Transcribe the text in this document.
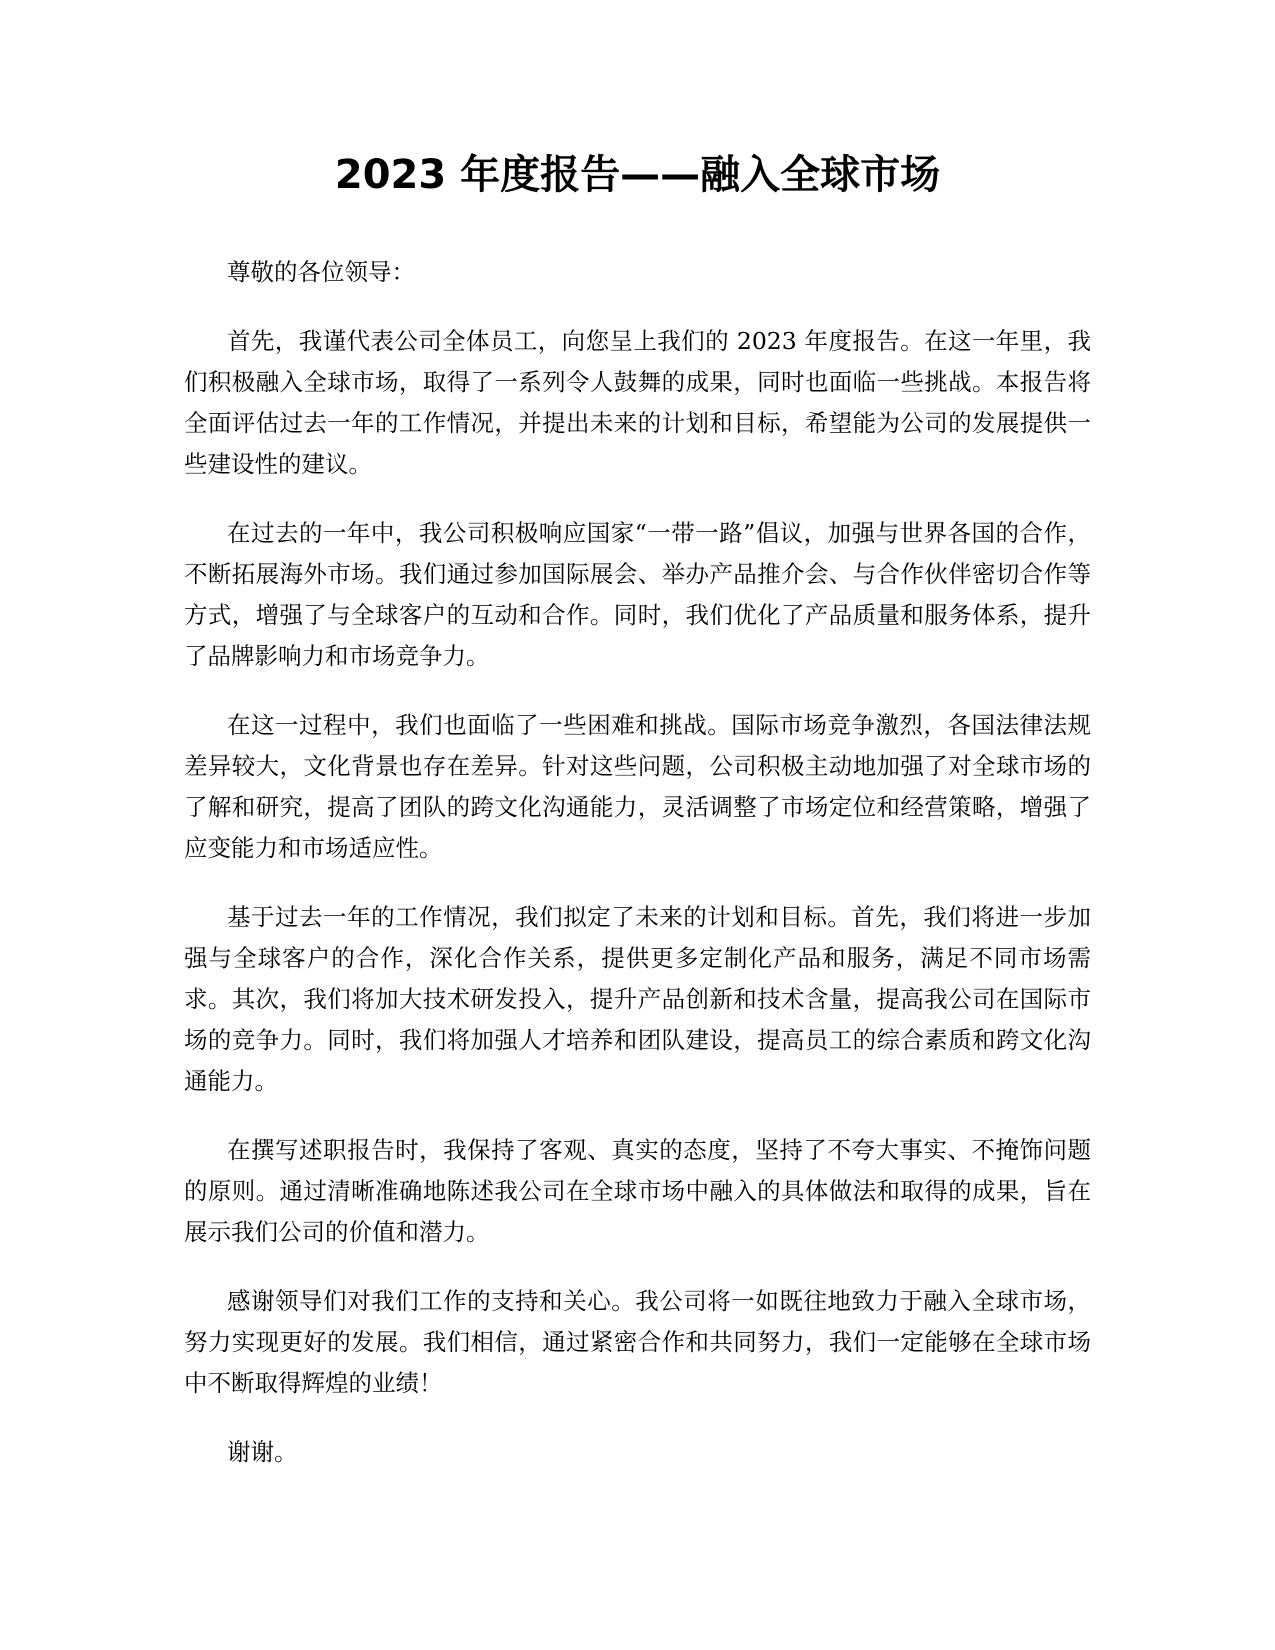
2023 年度报告——融入全球市场

尊敬的各位领导：

首先，我谨代表公司全体员工，向您呈上我们的 2023 年度报告。在这一年里，我们积极融入全球市场，取得了一系列令人鼓舞的成果，同时也面临一些挑战。本报告将全面评估过去一年的工作情况，并提出未来的计划和目标，希望能为公司的发展提供一些建设性的建议。

在过去的一年中，我公司积极响应国家“一带一路”倡议，加强与世界各国的合作，不断拓展海外市场。我们通过参加国际展会、举办产品推介会、与合作伙伴密切合作等方式，增强了与全球客户的互动和合作。同时，我们优化了产品质量和服务体系，提升了品牌影响力和市场竞争力。

在这一过程中，我们也面临了一些困难和挑战。国际市场竞争激烈，各国法律法规差异较大，文化背景也存在差异。针对这些问题，公司积极主动地加强了对全球市场的了解和研究，提高了团队的跨文化沟通能力，灵活调整了市场定位和经营策略，增强了应变能力和市场适应性。

基于过去一年的工作情况，我们拟定了未来的计划和目标。首先，我们将进一步加强与全球客户的合作，深化合作关系，提供更多定制化产品和服务，满足不同市场需求。其次，我们将加大技术研发投入，提升产品创新和技术含量，提高我公司在国际市场的竞争力。同时，我们将加强人才培养和团队建设，提高员工的综合素质和跨文化沟通能力。

在撰写述职报告时，我保持了客观、真实的态度，坚持了不夸大事实、不掩饰问题的原则。通过清晰准确地陈述我公司在全球市场中融入的具体做法和取得的成果，旨在展示我们公司的价值和潜力。

感谢领导们对我们工作的支持和关心。我公司将一如既往地致力于融入全球市场，努力实现更好的发展。我们相信，通过紧密合作和共同努力，我们一定能够在全球市场中不断取得辉煌的业绩！

谢谢。
